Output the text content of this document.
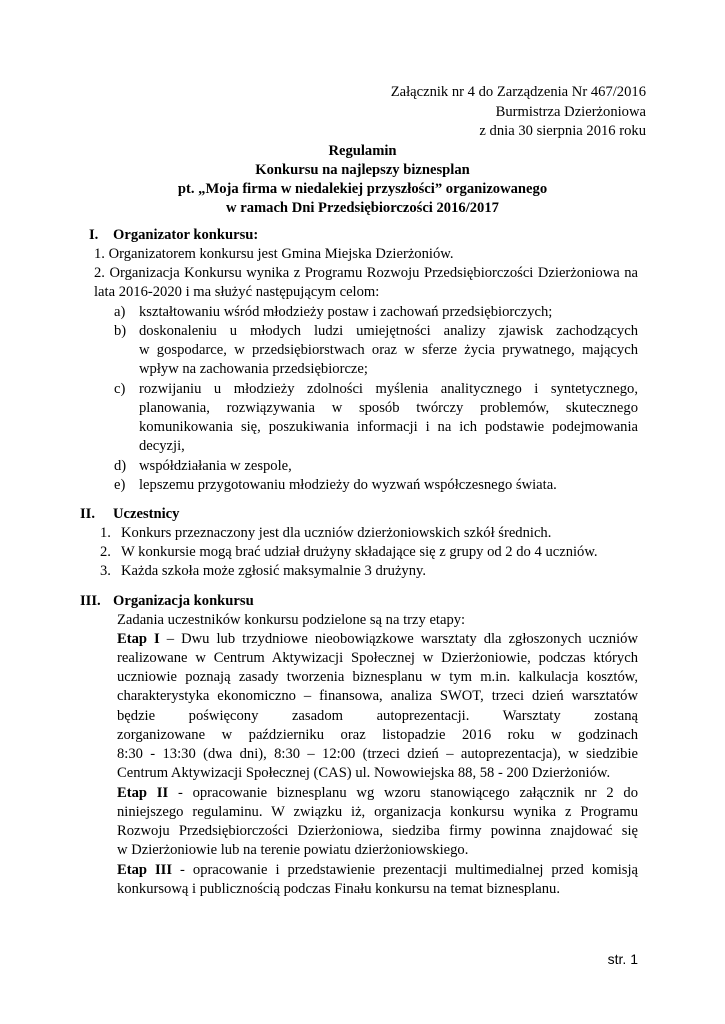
Załącznik nr 4 do Zarządzenia Nr 467/2016
Burmistrza Dzierżoniowa
z dnia 30 sierpnia 2016 roku
Regulamin
Konkursu na najlepszy biznesplan
pt. „Moja firma w niedalekiej przyszłości” organizowanego
w ramach Dni Przedsiębiorczości 2016/2017
I. Organizator konkursu:
1. Organizatorem konkursu jest Gmina Miejska Dzierżoniów.
2. Organizacja Konkursu wynika z Programu Rozwoju Przedsiębiorczości Dzierżoniowa na
lata 2016-2020 i ma służyć następującym celom:
a) kształtowaniu wśród młodzieży postaw i zachowań przedsiębiorczych;
b) doskonaleniu u młodych ludzi umiejętności analizy zjawisk zachodzących
w gospodarce, w przedsiębiorstwach oraz w sferze życia prywatnego, mających
wpływ na zachowania przedsiębiorcze;
c) rozwijaniu u młodzieży zdolności myślenia analitycznego i syntetycznego,
planowania, rozwiązywania w sposób twórczy problemów, skutecznego
komunikowania się, poszukiwania informacji i na ich podstawie podejmowania
decyzji,
d) współdziałania w zespole,
e) lepszemu przygotowaniu młodzieży do wyzwań współczesnego świata.
II. Uczestnicy
1. Konkurs przeznaczony jest dla uczniów dzierżoniowskich szkół średnich.
2. W konkursie mogą brać udział drużyny składające się z grupy od 2 do 4 uczniów.
3. Każda szkoła może zgłosić maksymalnie 3 drużyny.
III. Organizacja konkursu
Zadania uczestników konkursu podzielone są na trzy etapy:
Etap I – Dwu lub trzydniowe nieobowiązkowe warsztaty dla zgłoszonych uczniów
realizowane w Centrum Aktywizacji Społecznej w Dzierżoniowie, podczas których
uczniowie poznają zasady tworzenia biznesplanu w tym m.in. kalkulacja kosztów,
charakterystyka ekonomiczno – finansowa, analiza SWOT, trzeci dzień warsztatów
będzie poświęcony zasadom autoprezentacji. Warsztaty zostaną
zorganizowane w październiku oraz listopadzie 2016 roku w godzinach
8:30 - 13:30 (dwa dni), 8:30 – 12:00 (trzeci dzień – autoprezentacja), w siedzibie
Centrum Aktywizacji Społecznej (CAS) ul. Nowowiejska 88, 58 - 200 Dzierżoniów.
Etap II - opracowanie biznesplanu wg wzoru stanowiącego załącznik nr 2 do
niniejszego regulaminu. W związku iż, organizacja konkursu wynika z Programu
Rozwoju Przedsiębiorczości Dzierżoniowa, siedziba firmy powinna znajdować się
w Dzierżoniowie lub na terenie powiatu dzierżoniowskiego.
Etap III - opracowanie i przedstawienie prezentacji multimedialnej przed komisją
konkursową i publicznością podczas Finału konkursu na temat biznesplanu.
str. 1
